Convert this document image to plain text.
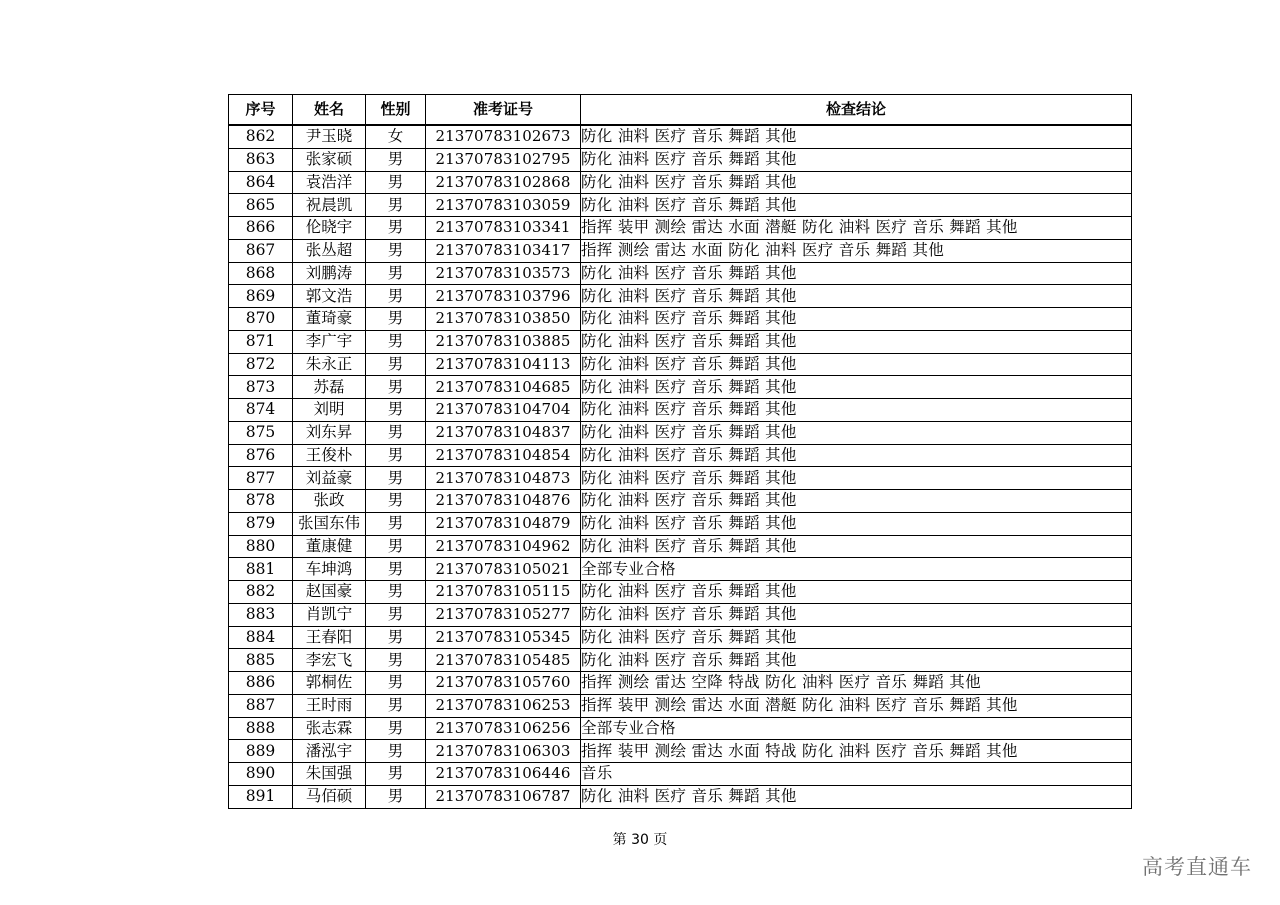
序号	姓名	性别	准考证号	检查结论
862	尹玉晓	女	21370783102673	防化 油料 医疗 音乐 舞蹈 其他
863	张家硕	男	21370783102795	防化 油料 医疗 音乐 舞蹈 其他
864	袁浩洋	男	21370783102868	防化 油料 医疗 音乐 舞蹈 其他
865	祝晨凯	男	21370783103059	防化 油料 医疗 音乐 舞蹈 其他
866	伦晓宇	男	21370783103341	指挥 装甲 测绘 雷达 水面 潜艇 防化 油料 医疗 音乐 舞蹈 其他
867	张丛超	男	21370783103417	指挥 测绘 雷达 水面 防化 油料 医疗 音乐 舞蹈 其他
868	刘鹏涛	男	21370783103573	防化 油料 医疗 音乐 舞蹈 其他
869	郭文浩	男	21370783103796	防化 油料 医疗 音乐 舞蹈 其他
870	董琦豪	男	21370783103850	防化 油料 医疗 音乐 舞蹈 其他
871	李广宇	男	21370783103885	防化 油料 医疗 音乐 舞蹈 其他
872	朱永正	男	21370783104113	防化 油料 医疗 音乐 舞蹈 其他
873	苏磊	男	21370783104685	防化 油料 医疗 音乐 舞蹈 其他
874	刘明	男	21370783104704	防化 油料 医疗 音乐 舞蹈 其他
875	刘东昇	男	21370783104837	防化 油料 医疗 音乐 舞蹈 其他
876	王俊朴	男	21370783104854	防化 油料 医疗 音乐 舞蹈 其他
877	刘益豪	男	21370783104873	防化 油料 医疗 音乐 舞蹈 其他
878	张政	男	21370783104876	防化 油料 医疗 音乐 舞蹈 其他
879	张国东伟	男	21370783104879	防化 油料 医疗 音乐 舞蹈 其他
880	董康健	男	21370783104962	防化 油料 医疗 音乐 舞蹈 其他
881	车坤鸿	男	21370783105021	全部专业合格
882	赵国豪	男	21370783105115	防化 油料 医疗 音乐 舞蹈 其他
883	肖凯宁	男	21370783105277	防化 油料 医疗 音乐 舞蹈 其他
884	王春阳	男	21370783105345	防化 油料 医疗 音乐 舞蹈 其他
885	李宏飞	男	21370783105485	防化 油料 医疗 音乐 舞蹈 其他
886	郭桐佐	男	21370783105760	指挥 测绘 雷达 空降 特战 防化 油料 医疗 音乐 舞蹈 其他
887	王时雨	男	21370783106253	指挥 装甲 测绘 雷达 水面 潜艇 防化 油料 医疗 音乐 舞蹈 其他
888	张志霖	男	21370783106256	全部专业合格
889	潘泓宇	男	21370783106303	指挥 装甲 测绘 雷达 水面 特战 防化 油料 医疗 音乐 舞蹈 其他
890	朱国强	男	21370783106446	音乐
891	马佰硕	男	21370783106787	防化 油料 医疗 音乐 舞蹈 其他
第 30 页
高考直通车
